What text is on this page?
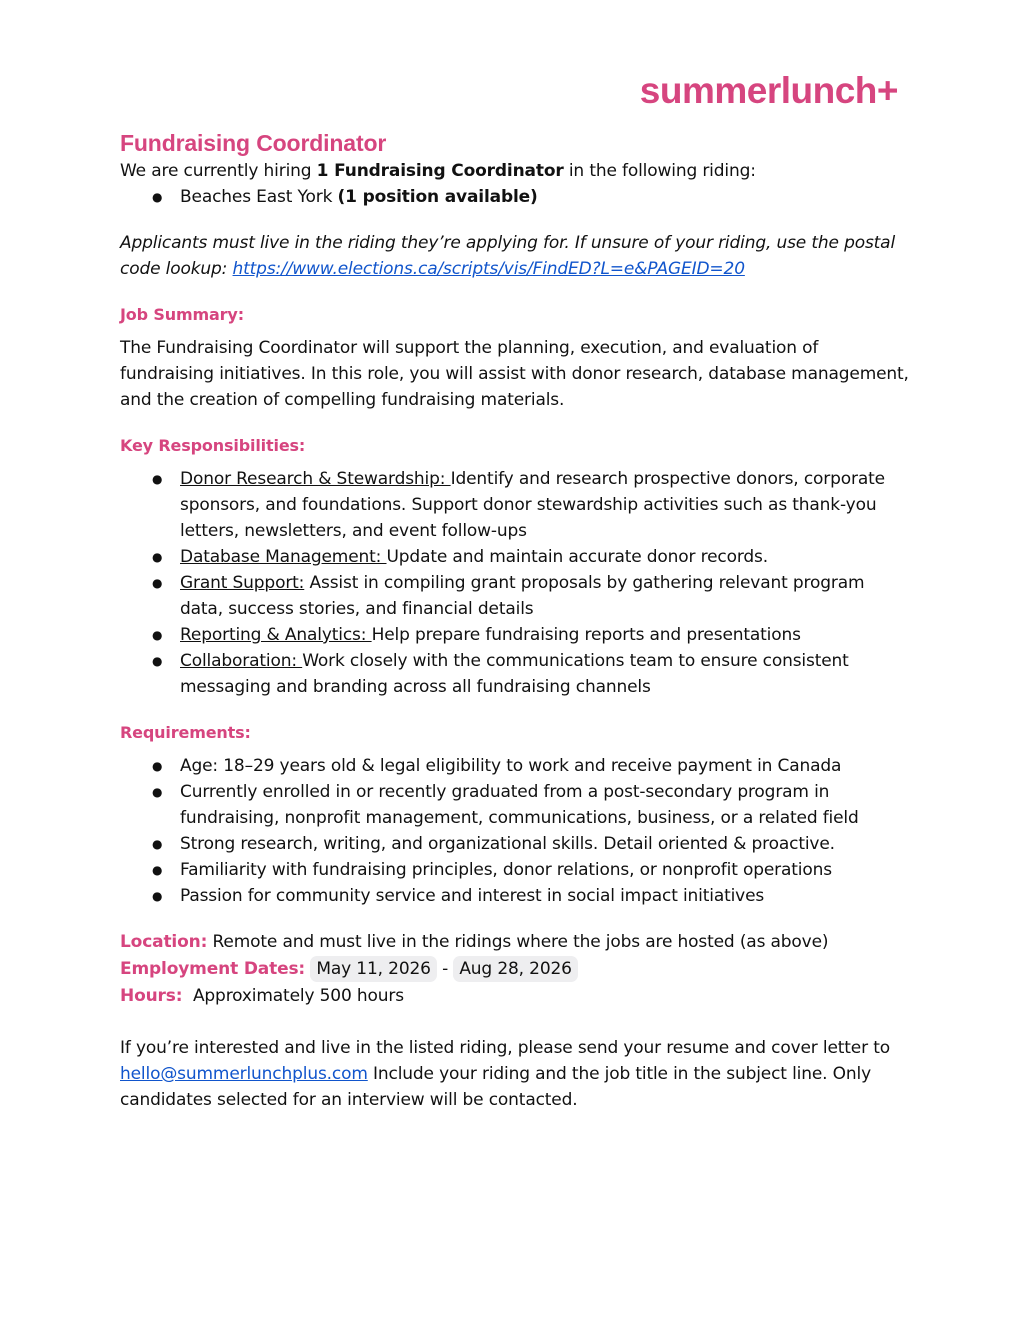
summerlunch+
Fundraising Coordinator

We are currently hiring 1 Fundraising Coordinator in the following riding:

● Beaches East York (1 position available)

Applicants must live in the riding they’re applying for. If unsure of your riding, use the postal code lookup: https://www.elections.ca/scripts/vis/FindED?L=e&PAGEID=20

Job Summary:

The Fundraising Coordinator will support the planning, execution, and evaluation of fundraising initiatives. In this role, you will assist with donor research, database management, and the creation of compelling fundraising materials.

Key Responsibilities:
● Donor Research & Stewardship: Identify and research prospective donors, corporate sponsors, and foundations. Support donor stewardship activities such as thank-you letters, newsletters, and event follow-ups
● Database Management: Update and maintain accurate donor records.
● Grant Support: Assist in compiling grant proposals by gathering relevant program data, success stories, and financial details
● Reporting & Analytics: Help prepare fundraising reports and presentations
● Collaboration: Work closely with the communications team to ensure consistent messaging and branding across all fundraising channels
Requirements:
● Age: 18–29 years old & legal eligibility to work and receive payment in Canada
● Currently enrolled in or recently graduated from a post-secondary program in fundraising, nonprofit management, communications, business, or a related field
● Strong research, writing, and organizational skills. Detail oriented & proactive.
● Familiarity with fundraising principles, donor relations, or nonprofit operations
● Passion for community service and interest in social impact initiatives

Location: Remote and must live in the ridings where the jobs are hosted (as above)

Employment Dates: May 11, 2026 - Aug 28, 2026

Hours: Approximately 500 hours

If you’re interested and live in the listed riding, please send your resume and cover letter to hello@summerlunchplus.com Include your riding and the job title in the subject line. Only candidates selected for an interview will be contacted.
